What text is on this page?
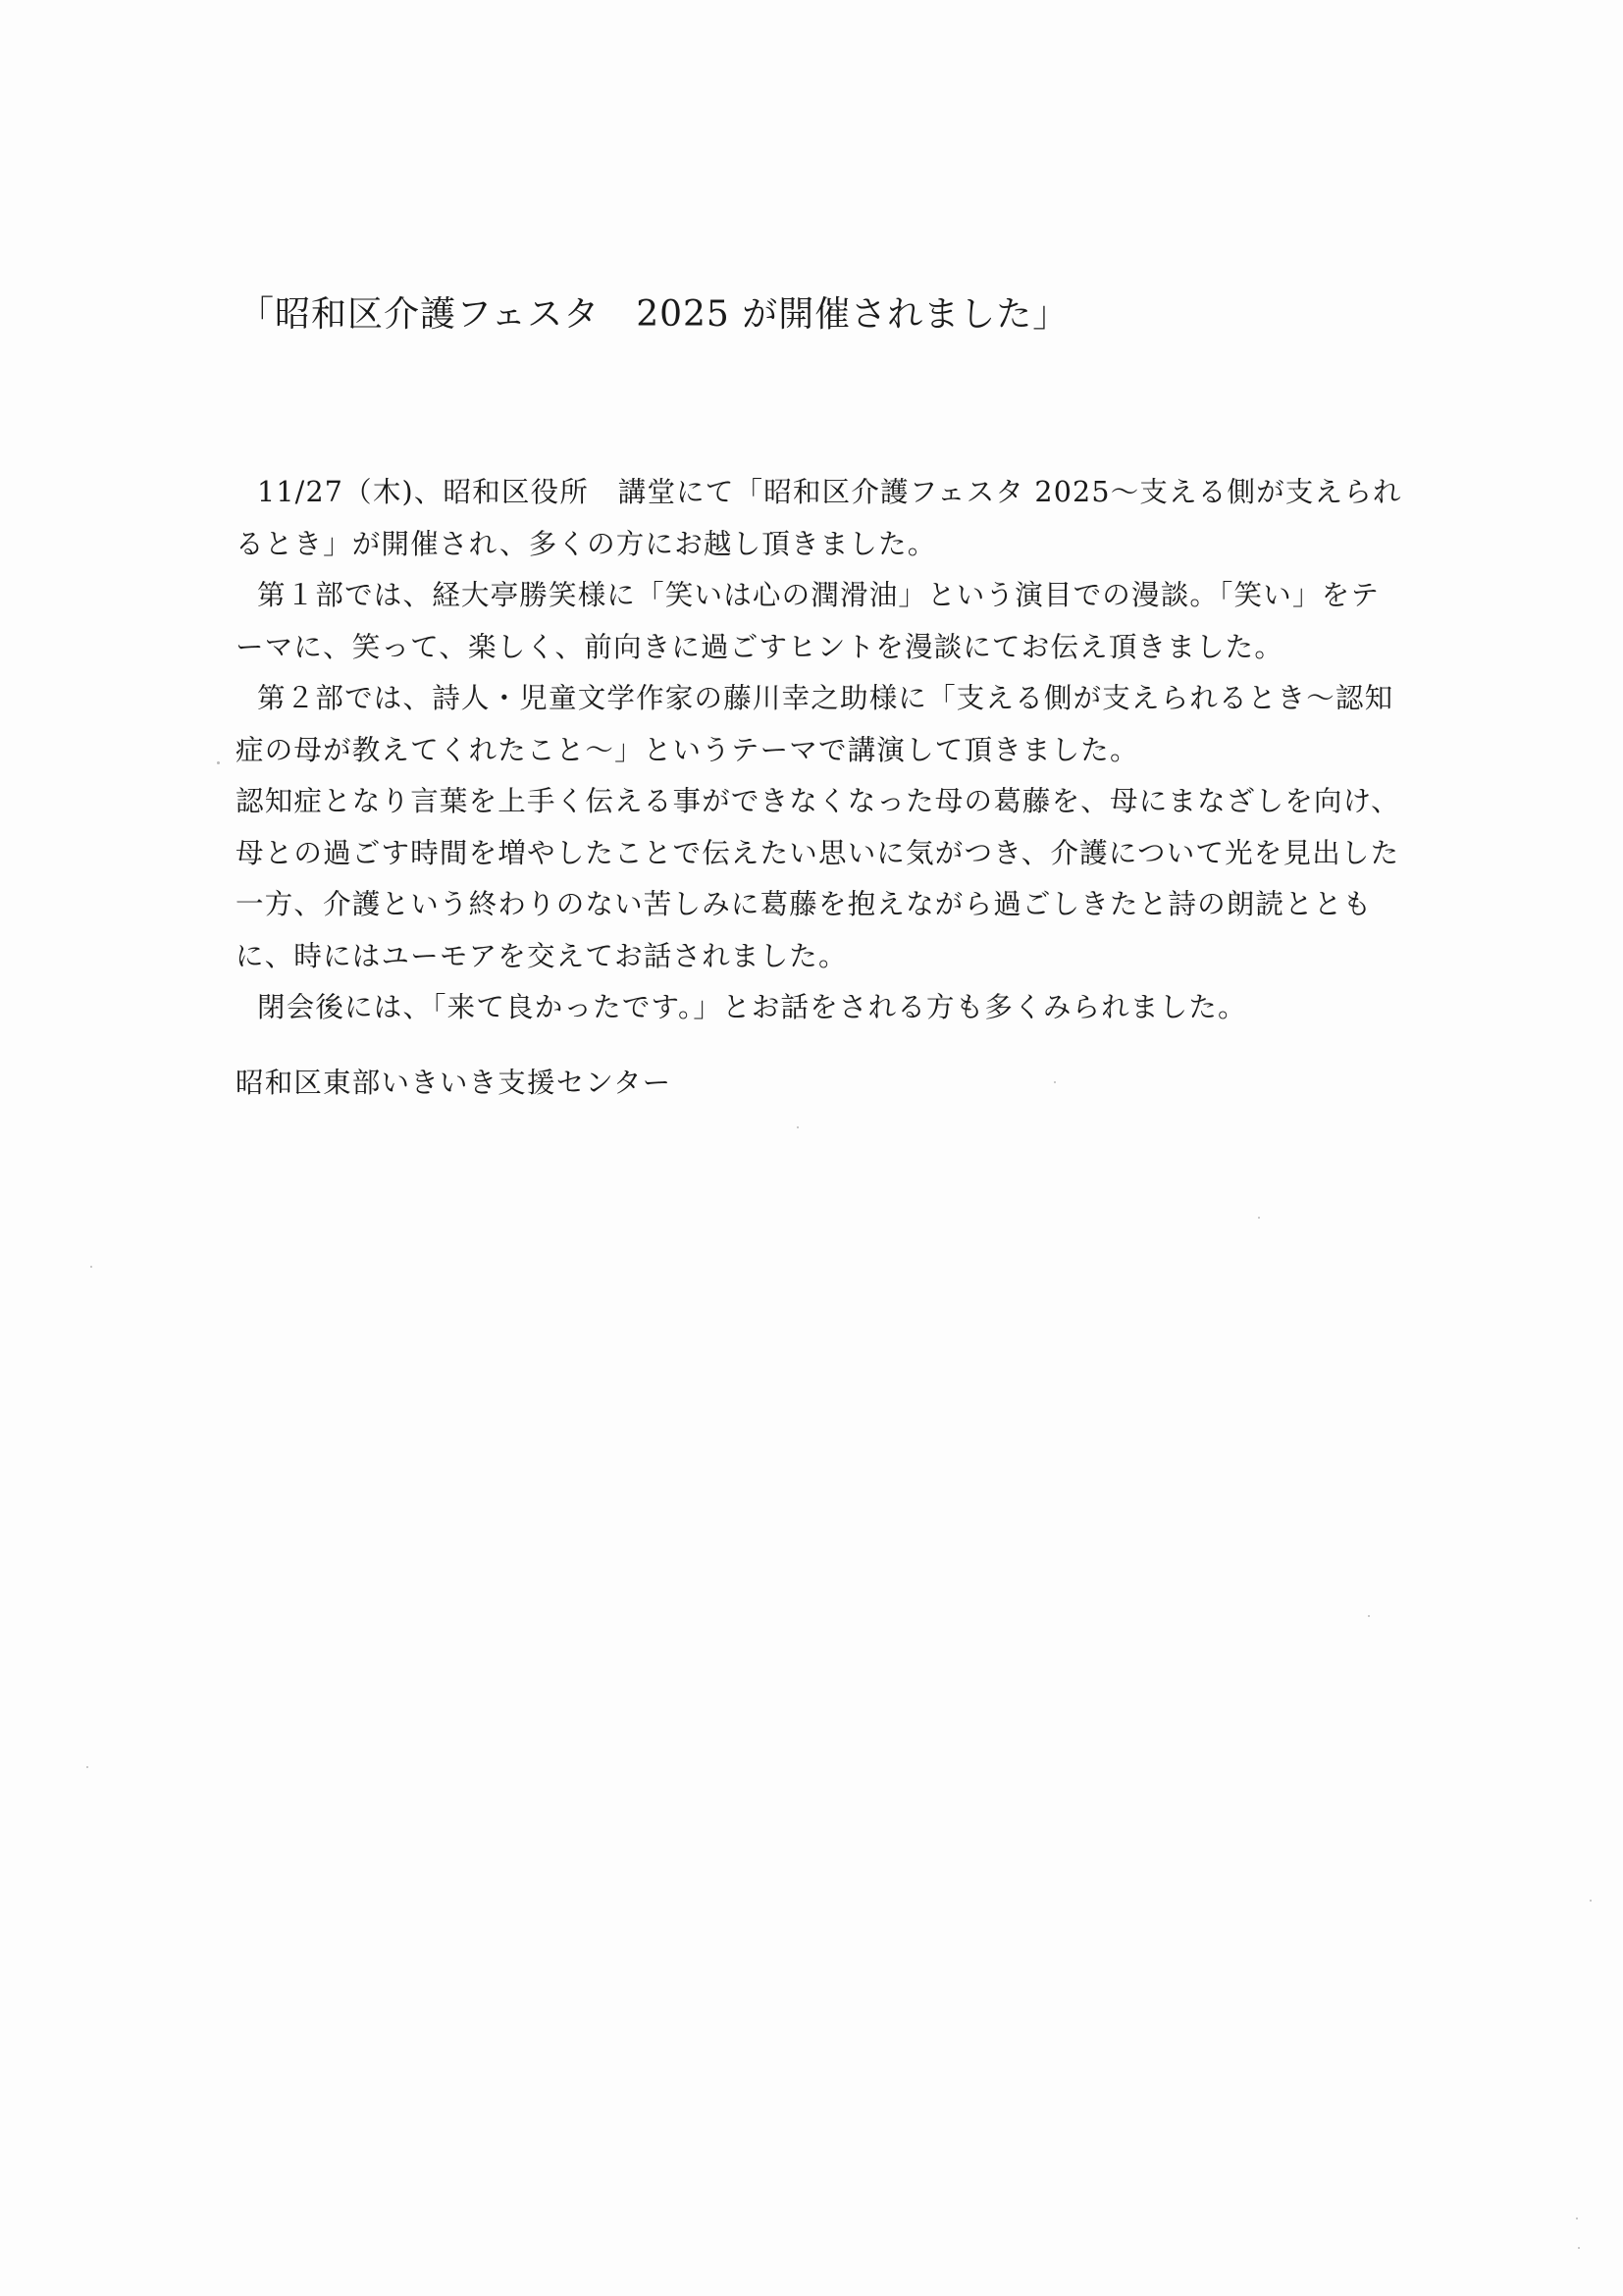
「昭和区介護フェスタ　2025 が開催されました」
11/27（木)、昭和区役所　講堂にて「昭和区介護フェスタ 2025～支える側が支えられ
るとき」が開催され、多くの方にお越し頂きました。
第１部では、経大亭勝笑様に「笑いは心の潤滑油」という演目での漫談。「笑い」をテ
ーマに、笑って、楽しく、前向きに過ごすヒントを漫談にてお伝え頂きました。
第２部では、詩人・児童文学作家の藤川幸之助様に「支える側が支えられるとき～認知
症の母が教えてくれたこと～」というテーマで講演して頂きました。
認知症となり言葉を上手く伝える事ができなくなった母の葛藤を、母にまなざしを向け、
母との過ごす時間を増やしたことで伝えたい思いに気がつき、介護について光を見出した
一方、介護という終わりのない苦しみに葛藤を抱えながら過ごしきたと詩の朗読ととも
に、時にはユーモアを交えてお話されました。
閉会後には、「来て良かったです。」とお話をされる方も多くみられました。

昭和区東部いきいき支援センター
